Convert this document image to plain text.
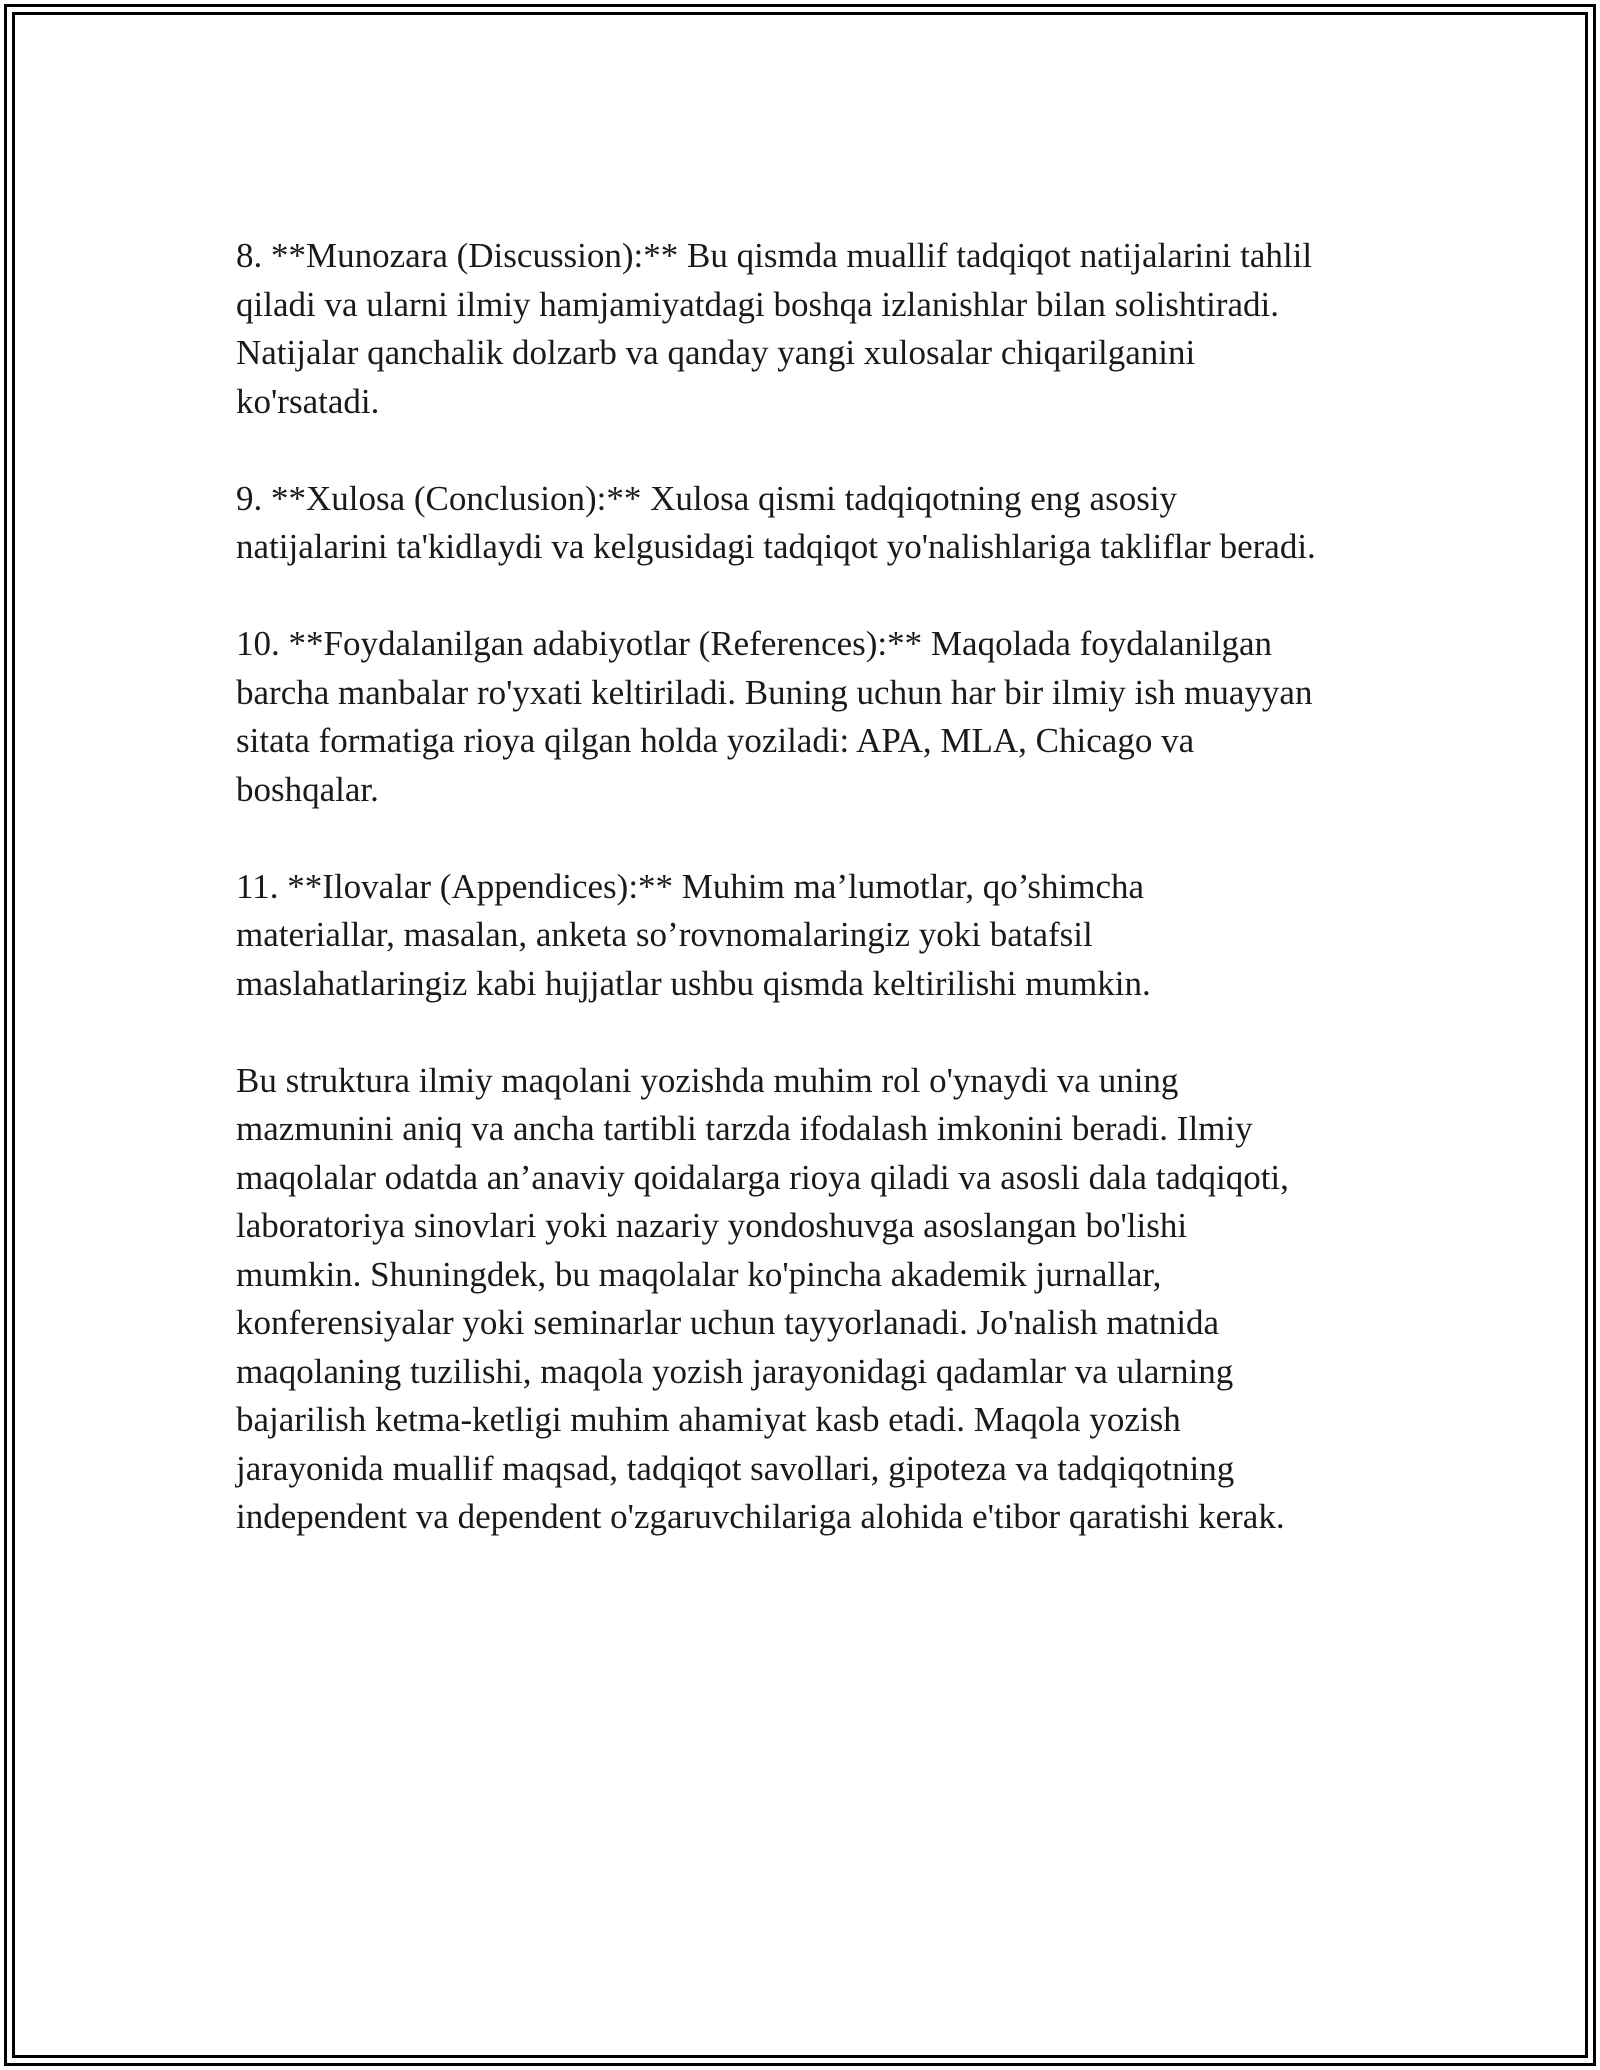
8. **Munozara (Discussion):** Bu qismda muallif tadqiqot natijalarini tahlil
qiladi va ularni ilmiy hamjamiyatdagi boshqa izlanishlar bilan solishtiradi.
Natijalar qanchalik dolzarb va qanday yangi xulosalar chiqarilganini
ko'rsatadi.

9. **Xulosa (Conclusion):** Xulosa qismi tadqiqotning eng asosiy
natijalarini ta'kidlaydi va kelgusidagi tadqiqot yo'nalishlariga takliflar beradi.

10. **Foydalanilgan adabiyotlar (References):** Maqolada foydalanilgan
barcha manbalar ro'yxati keltiriladi. Buning uchun har bir ilmiy ish muayyan
sitata formatiga rioya qilgan holda yoziladi: APA, MLA, Chicago va
boshqalar.

11. **Ilovalar (Appendices):** Muhim ma’lumotlar, qo’shimcha
materiallar, masalan, anketa so’rovnomalaringiz yoki batafsil
maslahatlaringiz kabi hujjatlar ushbu qismda keltirilishi mumkin.

Bu struktura ilmiy maqolani yozishda muhim rol o'ynaydi va uning
mazmunini aniq va ancha tartibli tarzda ifodalash imkonini beradi. Ilmiy
maqolalar odatda an’anaviy qoidalarga rioya qiladi va asosli dala tadqiqoti,
laboratoriya sinovlari yoki nazariy yondoshuvga asoslangan bo'lishi
mumkin. Shuningdek, bu maqolalar ko'pincha akademik jurnallar,
konferensiyalar yoki seminarlar uchun tayyorlanadi. Jo'nalish matnida
maqolaning tuzilishi, maqola yozish jarayonidagi qadamlar va ularning
bajarilish ketma-ketligi muhim ahamiyat kasb etadi. Maqola yozish
jarayonida muallif maqsad, tadqiqot savollari, gipoteza va tadqiqotning
independent va dependent o'zgaruvchilariga alohida e'tibor qaratishi kerak.
